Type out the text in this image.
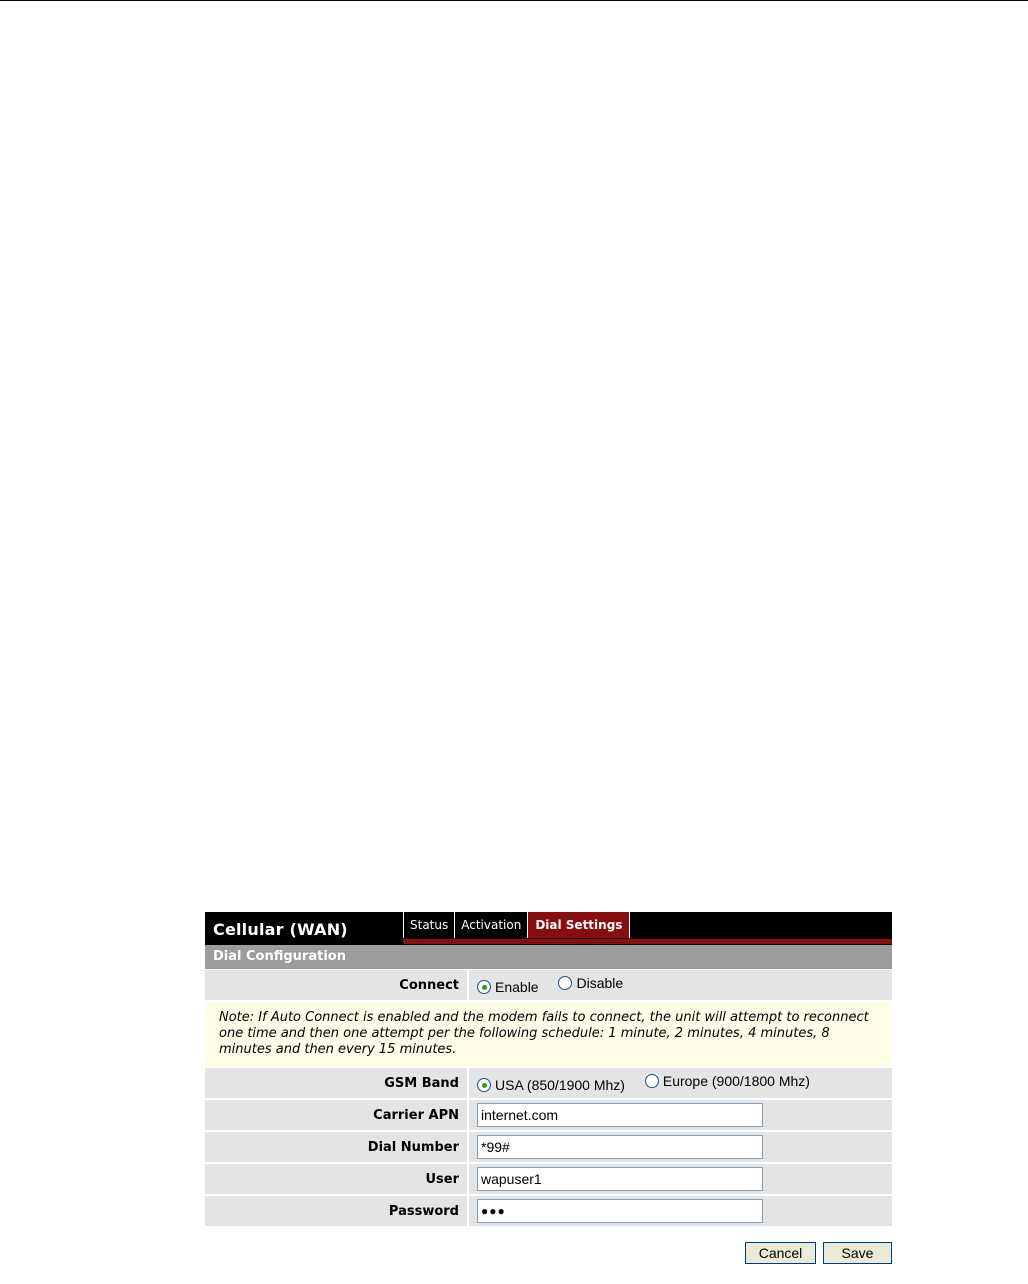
Cellular (WAN)	Status	Activation	Dial Settings
Dial Configuration
Connect	Enable
Disable

Note: If Auto Connect is enabled and the modem fails to connect, the unit will attempt to reconnect one time and then one attempt per the following schedule: 1 minute, 2 minutes, 4 minutes, 8 minutes and then every 15 minutes.	
GSM Band	USA (850/1900 Mhz)
Europe (900/1800 Mhz)

Carrier APN	internet.com

Dial Number	*99#

User	wapuser1

Password	●●●
Cancel	Save
